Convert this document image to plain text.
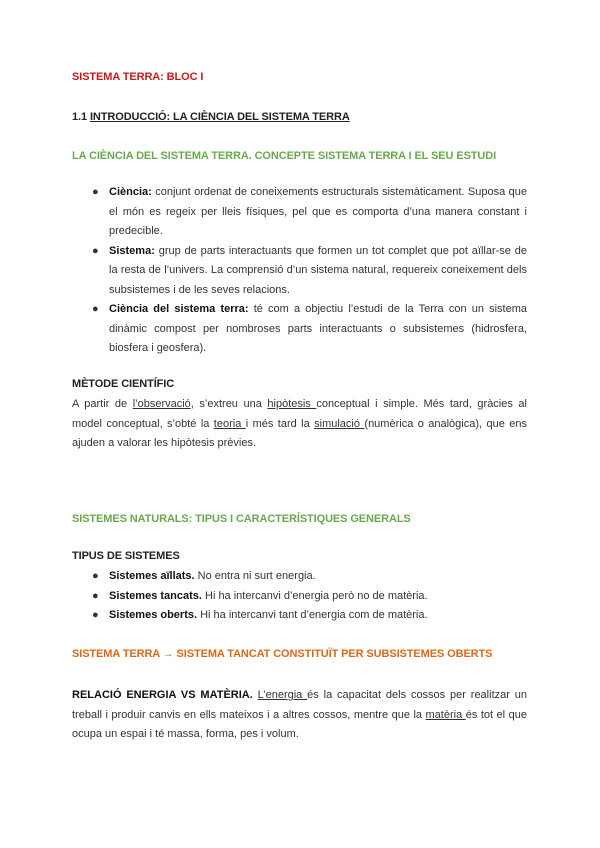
SISTEMA TERRA: BLOC I
1.1 INTRODUCCIÓ: LA CIÈNCIA DEL SISTEMA TERRA
LA CIÈNCIA DEL SISTEMA TERRA. CONCEPTE SISTEMA TERRA I EL SEU ESTUDI
● Ciència: conjunt ordenat de coneixements estructurals sistemàticament. Suposa que el món es regeix per lleis físiques, pel que es comporta d’una manera constant i predecible.
● Sistema: grup de parts interactuants que formen un tot complet que pot aïllar-se de la resta de l’univers. La comprensió d’un sistema natural, requereix coneixement dels subsistemes i de les seves relacions.
● Ciència del sistema terra: té com a objectiu l’estudi de la Terra con un sistema dinàmic compost per nombroses parts interactuants o subsistemes (hidrosfera, biosfera i geosfera).
MÈTODE CIENTÍFIC
A partir de l’observació, s’extreu una hipòtesis conceptual i simple. Més tard, gràcies al model conceptual, s’obté la teoria i més tard la simulació (numèrica o analògica), que ens ajuden a valorar les hipòtesis prèvies.
SISTEMES NATURALS: TIPUS I CARACTERÍSTIQUES GENERALS
TIPUS DE SISTEMES
● Sistemes aïllats. No entra ni surt energia.
● Sistemes tancats. Hi ha intercanvi d’energia però no de matèria.
● Sistemes oberts. Hi ha intercanvi tant d’energia com de matèria.
SISTEMA TERRA → SISTEMA TANCAT CONSTITUÏT PER SUBSISTEMES OBERTS
RELACIÓ ENERGIA VS MATÈRIA. L’energia és la capacitat dels cossos per realitzar un treball i produir canvis en ells mateixos i a altres cossos, mentre que la matèria és tot el que ocupa un espai i té massa, forma, pes i volum.
